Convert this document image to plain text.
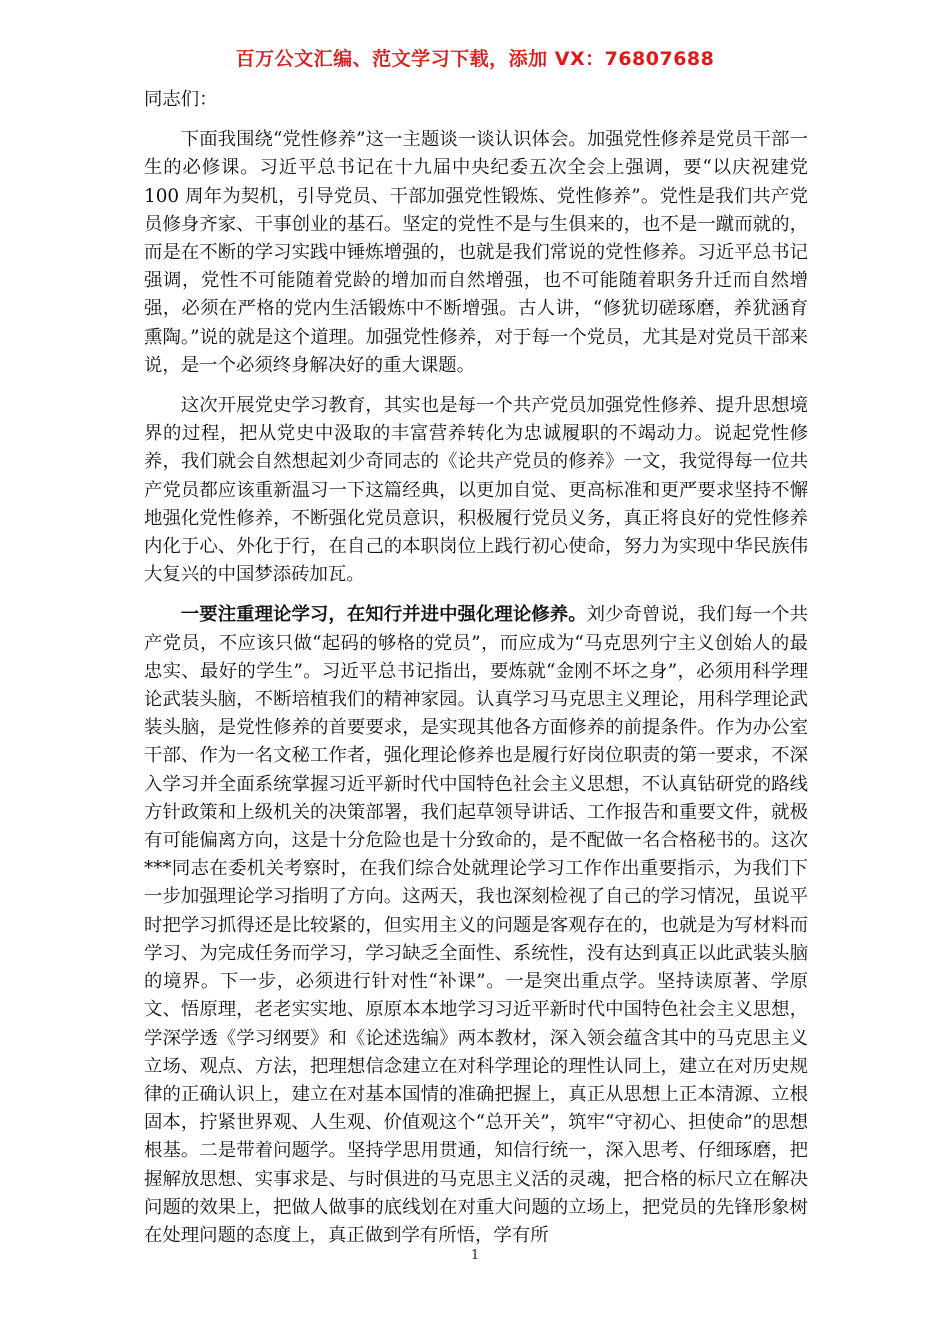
百万公文汇编、范文学习下载，添加 VX：76807688

同志们：

下面我围绕“党性修养”这一主题谈一谈认识体会。加强党性修养是党员干部一生的必修课。习近平总书记在十九届中央纪委五次全会上强调，要“以庆祝建党 100 周年为契机，引导党员、干部加强党性锻炼、党性修养”。党性是我们共产党员修身齐家、干事创业的基石。坚定的党性不是与生俱来的，也不是一蹴而就的，而是在不断的学习实践中锤炼增强的，也就是我们常说的党性修养。习近平总书记强调，党性不可能随着党龄的增加而自然增强，也不可能随着职务升迁而自然增强，必须在严格的党内生活锻炼中不断增强。古人讲，“修犹切磋琢磨，养犹涵育熏陶。”说的就是这个道理。加强党性修养，对于每一个党员，尤其是对党员干部来说，是一个必须终身解决好的重大课题。

这次开展党史学习教育，其实也是每一个共产党员加强党性修养、提升思想境界的过程，把从党史中汲取的丰富营养转化为忠诚履职的不竭动力。说起党性修养，我们就会自然想起刘少奇同志的《论共产党员的修养》一文，我觉得每一位共产党员都应该重新温习一下这篇经典，以更加自觉、更高标准和更严要求坚持不懈地强化党性修养，不断强化党员意识，积极履行党员义务，真正将良好的党性修养内化于心、外化于行，在自己的本职岗位上践行初心使命，努力为实现中华民族伟大复兴的中国梦添砖加瓦。

一要注重理论学习，在知行并进中强化理论修养。刘少奇曾说，我们每一个共产党员，不应该只做“起码的够格的党员”，而应成为“马克思列宁主义创始人的最忠实、最好的学生”。习近平总书记指出，要炼就“金刚不坏之身”，必须用科学理论武装头脑，不断培植我们的精神家园。认真学习马克思主义理论，用科学理论武装头脑，是党性修养的首要要求，是实现其他各方面修养的前提条件。作为办公室干部、作为一名文秘工作者，强化理论修养也是履行好岗位职责的第一要求，不深入学习并全面系统掌握习近平新时代中国特色社会主义思想，不认真钻研党的路线方针政策和上级机关的决策部署，我们起草领导讲话、工作报告和重要文件，就极有可能偏离方向，这是十分危险也是十分致命的，是不配做一名合格秘书的。这次***同志在委机关考察时，在我们综合处就理论学习工作作出重要指示，为我们下一步加强理论学习指明了方向。这两天，我也深刻检视了自己的学习情况，虽说平时把学习抓得还是比较紧的，但实用主义的问题是客观存在的，也就是为写材料而学习、为完成任务而学习，学习缺乏全面性、系统性，没有达到真正以此武装头脑的境界。下一步，必须进行针对性“补课”。一是突出重点学。坚持读原著、学原文、悟原理，老老实实地、原原本本地学习习近平新时代中国特色社会主义思想，学深学透《学习纲要》和《论述选编》两本教材，深入领会蕴含其中的马克思主义立场、观点、方法，把理想信念建立在对科学理论的理性认同上，建立在对历史规律的正确认识上，建立在对基本国情的准确把握上，真正从思想上正本清源、立根固本，拧紧世界观、人生观、价值观这个“总开关”，筑牢“守初心、担使命”的思想根基。二是带着问题学。坚持学思用贯通，知信行统一，深入思考、仔细琢磨，把握解放思想、实事求是、与时俱进的马克思主义活的灵魂，把合格的标尺立在解决问题的效果上，把做人做事的底线划在对重大问题的立场上，把党员的先锋形象树在处理问题的态度上，真正做到学有所悟，学有所

1
